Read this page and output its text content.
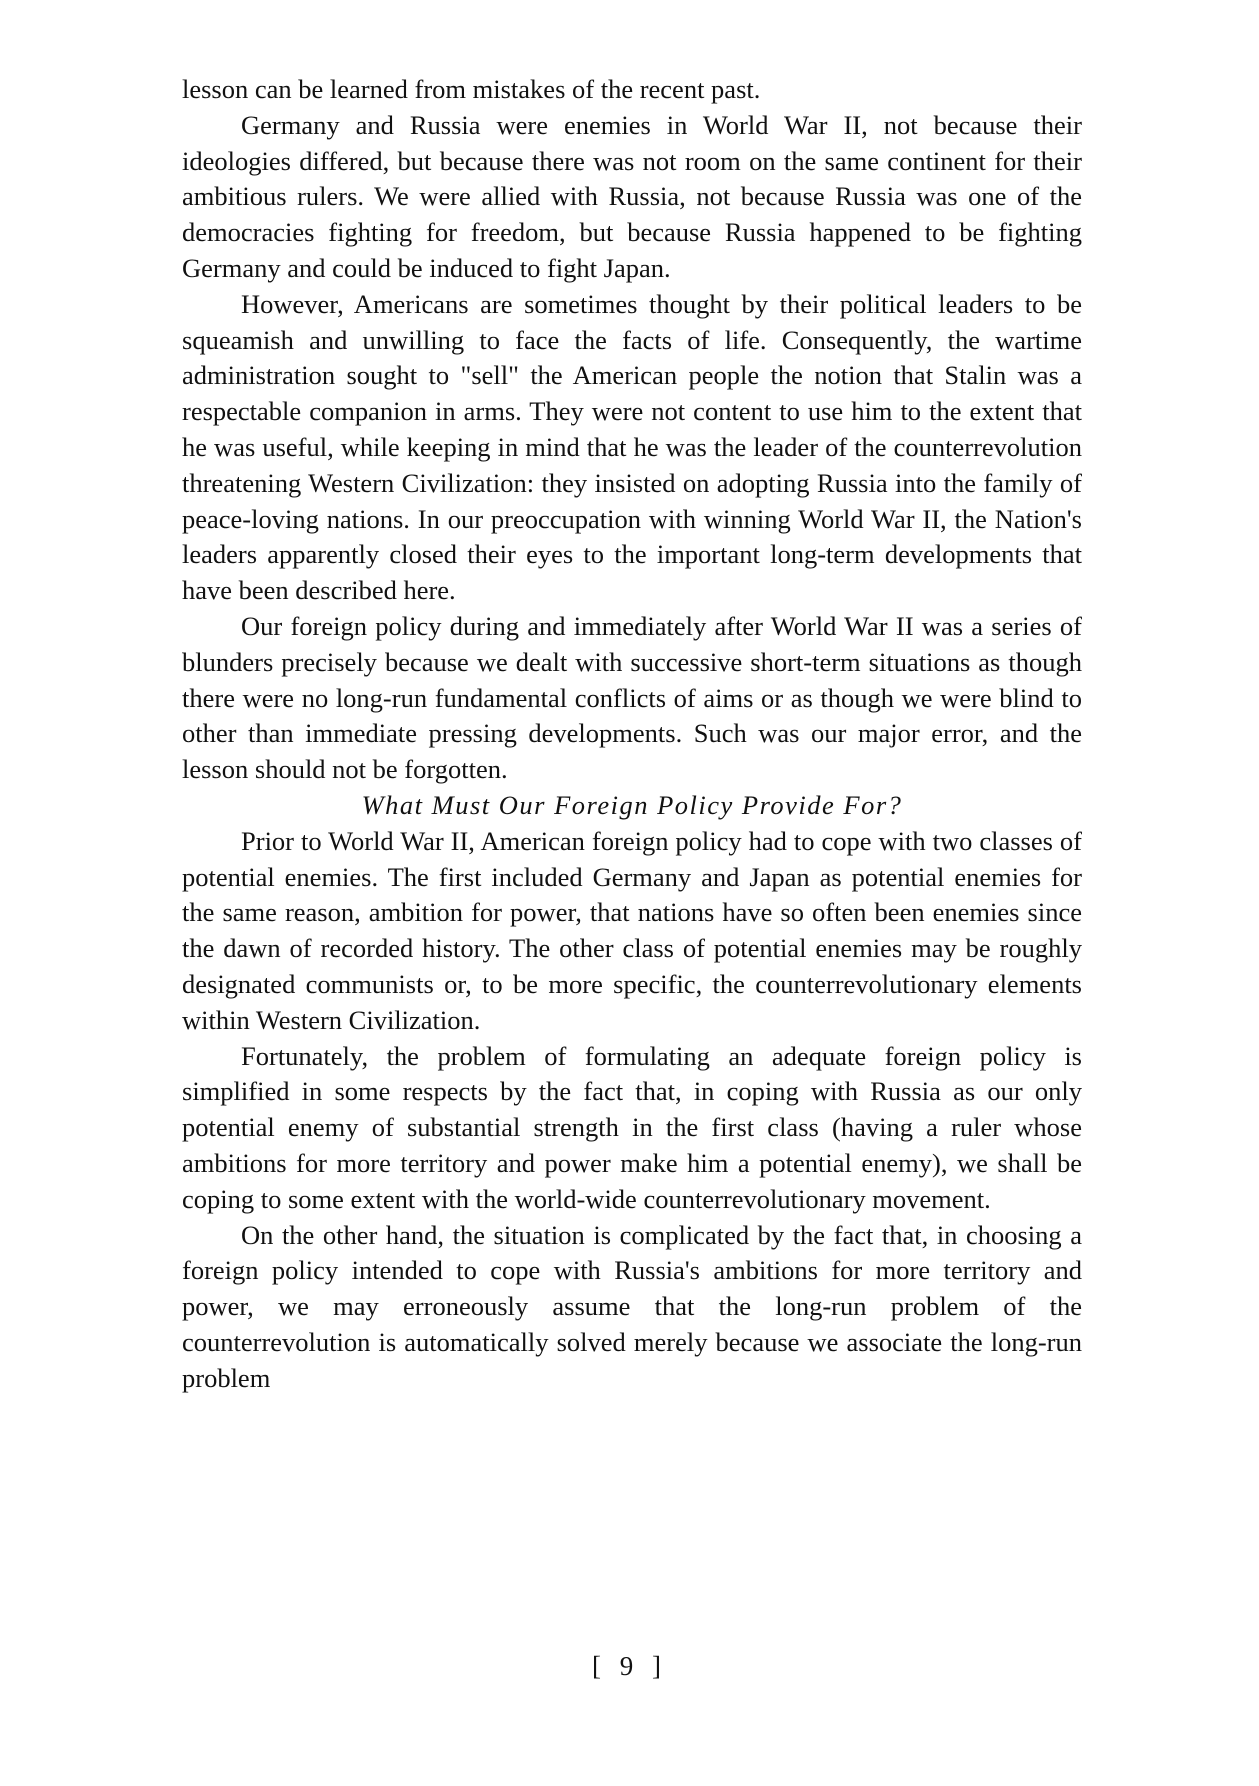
lesson can be learned from mistakes of the recent past.

Germany and Russia were enemies in World War II, not because their ideologies differed, but because there was not room on the same continent for their ambitious rulers. We were allied with Russia, not because Russia was one of the democracies fighting for freedom, but because Russia happened to be fighting Germany and could be induced to fight Japan.

However, Americans are sometimes thought by their political leaders to be squeamish and unwilling to face the facts of life. Consequently, the wartime administration sought to "sell" the American people the notion that Stalin was a respectable companion in arms. They were not content to use him to the extent that he was useful, while keeping in mind that he was the leader of the counterrevolution threatening Western Civilization: they insisted on adopting Russia into the family of peace-loving nations. In our preoccupation with winning World War II, the Nation's leaders apparently closed their eyes to the important long-term developments that have been described here.

Our foreign policy during and immediately after World War II was a series of blunders precisely because we dealt with successive short-term situations as though there were no long-run fundamental conflicts of aims or as though we were blind to other than immediate pressing developments. Such was our major error, and the lesson should not be forgotten.

What Must Our Foreign Policy Provide For?

Prior to World War II, American foreign policy had to cope with two classes of potential enemies. The first included Germany and Japan as potential enemies for the same reason, ambition for power, that nations have so often been enemies since the dawn of recorded history. The other class of potential enemies may be roughly designated communists or, to be more specific, the counterrevolutionary elements within Western Civilization.

Fortunately, the problem of formulating an adequate foreign policy is simplified in some respects by the fact that, in coping with Russia as our only potential enemy of substantial strength in the first class (having a ruler whose ambitions for more territory and power make him a potential enemy), we shall be coping to some extent with the world-wide counterrevolutionary movement.

On the other hand, the situation is complicated by the fact that, in choosing a foreign policy intended to cope with Russia's ambitions for more territory and power, we may erroneously assume that the long-run problem of the counterrevolution is automatically solved merely because we associate the long-run problem

[ 9 ]
